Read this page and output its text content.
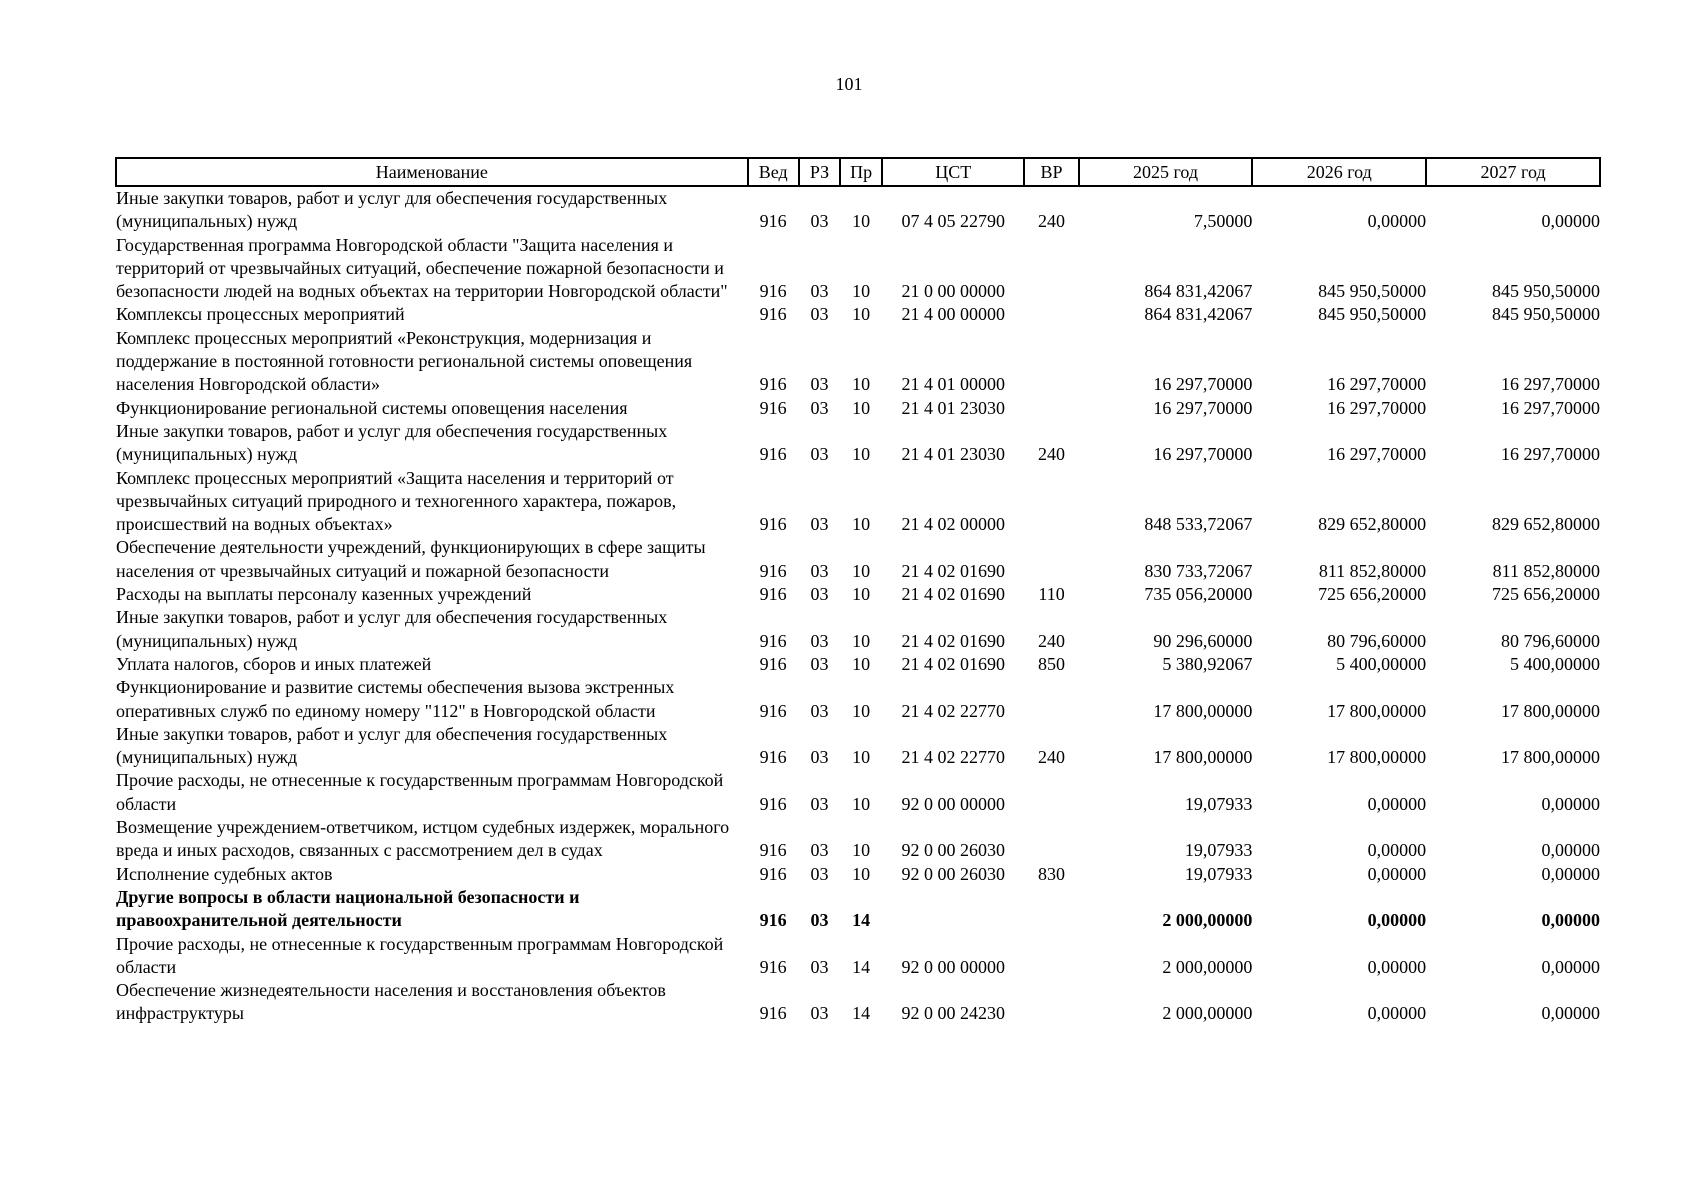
101
Наименование	Вед	РЗ	Пр	ЦСТ	ВР	2025 год	2026 год	2027 год
Иные закупки товаров, работ и услуг для обеспечения государственных (муниципальных) нужд	916	03	10	07 4 05 22790	240	7,50000	0,00000	0,00000
Государственная программа Новгородской области "Защита населения и территорий от чрезвычайных ситуаций, обеспечение пожарной безопасности и безопасности людей на водных объектах на территории Новгородской области"	916	03	10	21 0 00 00000		864 831,42067	845 950,50000	845 950,50000
Комплексы процессных мероприятий	916	03	10	21 4 00 00000		864 831,42067	845 950,50000	845 950,50000
Комплекс процессных мероприятий «Реконструкция, модернизация и поддержание в постоянной готовности региональной системы оповещения населения Новгородской области»	916	03	10	21 4 01 00000		16 297,70000	16 297,70000	16 297,70000
Функционирование региональной системы оповещения населения	916	03	10	21 4 01 23030		16 297,70000	16 297,70000	16 297,70000
Иные закупки товаров, работ и услуг для обеспечения государственных (муниципальных) нужд	916	03	10	21 4 01 23030	240	16 297,70000	16 297,70000	16 297,70000
Комплекс процессных мероприятий «Защита населения и территорий от чрезвычайных ситуаций природного и техногенного характера, пожаров, происшествий на водных объектах»	916	03	10	21 4 02 00000		848 533,72067	829 652,80000	829 652,80000
Обеспечение деятельности учреждений, функционирующих в сфере защиты населения от чрезвычайных ситуаций и пожарной безопасности	916	03	10	21 4 02 01690		830 733,72067	811 852,80000	811 852,80000
Расходы на выплаты персоналу казенных учреждений	916	03	10	21 4 02 01690	110	735 056,20000	725 656,20000	725 656,20000
Иные закупки товаров, работ и услуг для обеспечения государственных (муниципальных) нужд	916	03	10	21 4 02 01690	240	90 296,60000	80 796,60000	80 796,60000
Уплата налогов, сборов и иных платежей	916	03	10	21 4 02 01690	850	5 380,92067	5 400,00000	5 400,00000
Функционирование и развитие системы обеспечения вызова экстренных оперативных служб по единому номеру "112" в Новгородской области	916	03	10	21 4 02 22770		17 800,00000	17 800,00000	17 800,00000
Иные закупки товаров, работ и услуг для обеспечения государственных (муниципальных) нужд	916	03	10	21 4 02 22770	240	17 800,00000	17 800,00000	17 800,00000
Прочие расходы, не отнесенные к государственным программам Новгородской области	916	03	10	92 0 00 00000		19,07933	0,00000	0,00000
Возмещение учреждением-ответчиком, истцом судебных издержек, морального вреда и иных расходов, связанных с рассмотрением дел в судах	916	03	10	92 0 00 26030		19,07933	0,00000	0,00000
Исполнение судебных актов	916	03	10	92 0 00 26030	830	19,07933	0,00000	0,00000
Другие вопросы в области национальной безопасности и правоохранительной деятельности	916	03	14			2 000,00000	0,00000	0,00000
Прочие расходы, не отнесенные к государственным программам Новгородской области	916	03	14	92 0 00 00000		2 000,00000	0,00000	0,00000
Обеспечение жизнедеятельности населения и восстановления объектов инфраструктуры	916	03	14	92 0 00 24230		2 000,00000	0,00000	0,00000
